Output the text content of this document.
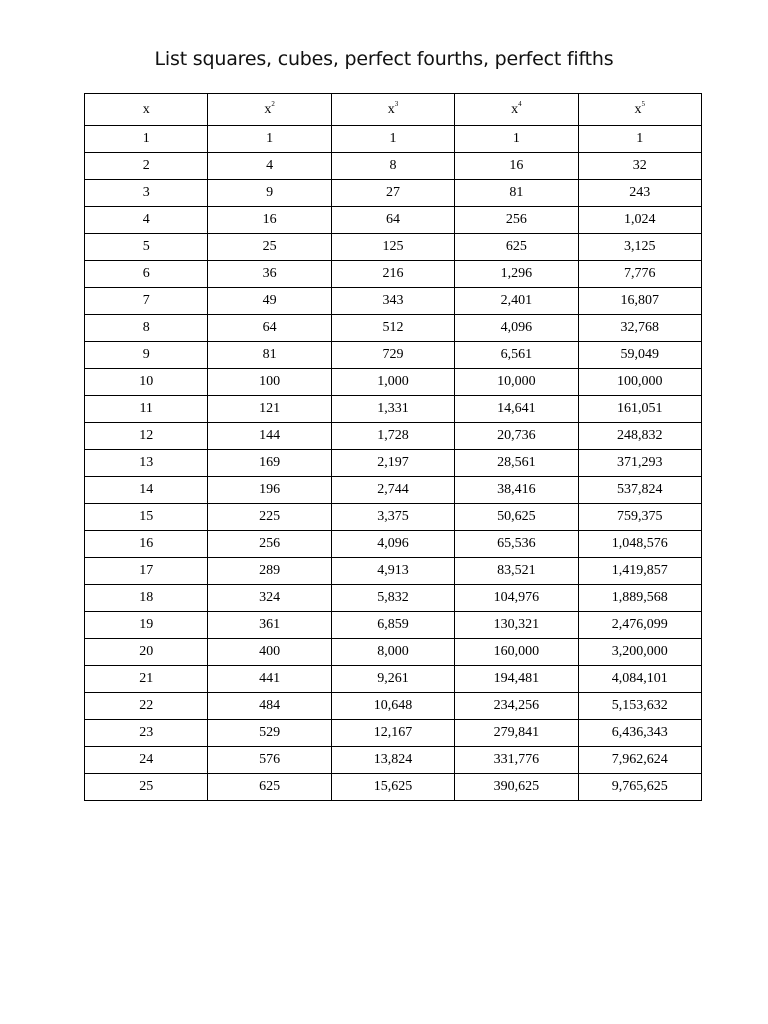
List squares, cubes, perfect fourths, perfect fifths
x	$x^2$	$x^3$	$x^4$	$x^5$
1	1	1	1	1
2	4	8	16	32
3	9	27	81	243
4	16	64	256	1,024
5	25	125	625	3,125
6	36	216	1,296	7,776
7	49	343	2,401	16,807
8	64	512	4,096	32,768
9	81	729	6,561	59,049
10	100	1,000	10,000	100,000
11	121	1,331	14,641	161,051
12	144	1,728	20,736	248,832
13	169	2,197	28,561	371,293
14	196	2,744	38,416	537,824
15	225	3,375	50,625	759,375
16	256	4,096	65,536	1,048,576
17	289	4,913	83,521	1,419,857
18	324	5,832	104,976	1,889,568
19	361	6,859	130,321	2,476,099
20	400	8,000	160,000	3,200,000
21	441	9,261	194,481	4,084,101
22	484	10,648	234,256	5,153,632
23	529	12,167	279,841	6,436,343
24	576	13,824	331,776	7,962,624
25	625	15,625	390,625	9,765,625
